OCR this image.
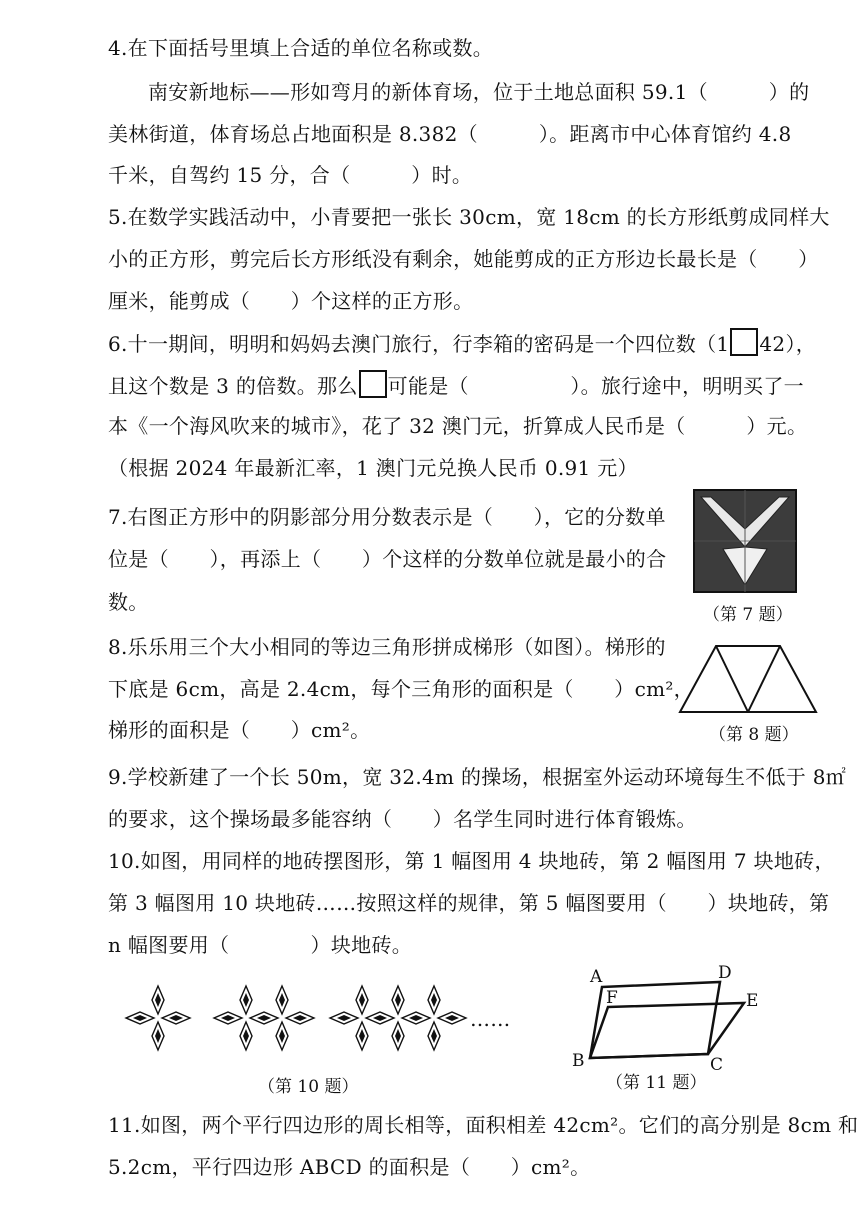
4.在下面括号里填上合适的单位名称或数。
南安新地标——形如弯月的新体育场，位于土地总面积 59.1（　　　）的
美林街道，体育场总占地面积是 8.382（　　　）。距离市中心体育馆约 4.8
千米，自驾约 15 分，合（　　　）时。
5.在数学实践活动中，小青要把一张长 30cm，宽 18cm 的长方形纸剪成同样大
小的正方形，剪完后长方形纸没有剩余，她能剪成的正方形边长最长是（　　）
厘米，能剪成（　　）个这样的正方形。
6.十一期间，明明和妈妈去澳门旅行，行李箱的密码是一个四位数（1 42），
且这个数是 3 的倍数。那么 可能是（　　　　　）。旅行途中，明明买了一
本《一个海风吹来的城市》，花了 32 澳门元，折算成人民币是（　　　）元。
（根据 2024 年最新汇率，1 澳门元兑换人民币 0.91 元）
7.右图正方形中的阴影部分用分数表示是（　　），它的分数单
位是（　　），再添上（　　）个这样的分数单位就是最小的合
数。
（第 7 题）
8.乐乐用三个大小相同的等边三角形拼成梯形（如图）。梯形的
下底是 6cm，高是 2.4cm，每个三角形的面积是（　　）cm²，
梯形的面积是（　　）cm²。	（第 8 题）
9.学校新建了一个长 50m，宽 32.4m 的操场，根据室外运动环境每生不低于 8㎡
的要求，这个操场最多能容纳（　　）名学生同时进行体育锻炼。
10.如图，用同样的地砖摆图形，第 1 幅图用 4 块地砖，第 2 幅图用 7 块地砖，
第 3 幅图用 10 块地砖……按照这样的规律，第 5 幅图要用（　　）块地砖，第
n 幅图要用（　　　　）块地砖。
……
（第 10 题）
A	D
F	E
B	C
（第 11 题）
11.如图，两个平行四边形的周长相等，面积相差 42cm²。它们的高分别是 8cm 和
5.2cm，平行四边形 ABCD 的面积是（　　）cm²。
